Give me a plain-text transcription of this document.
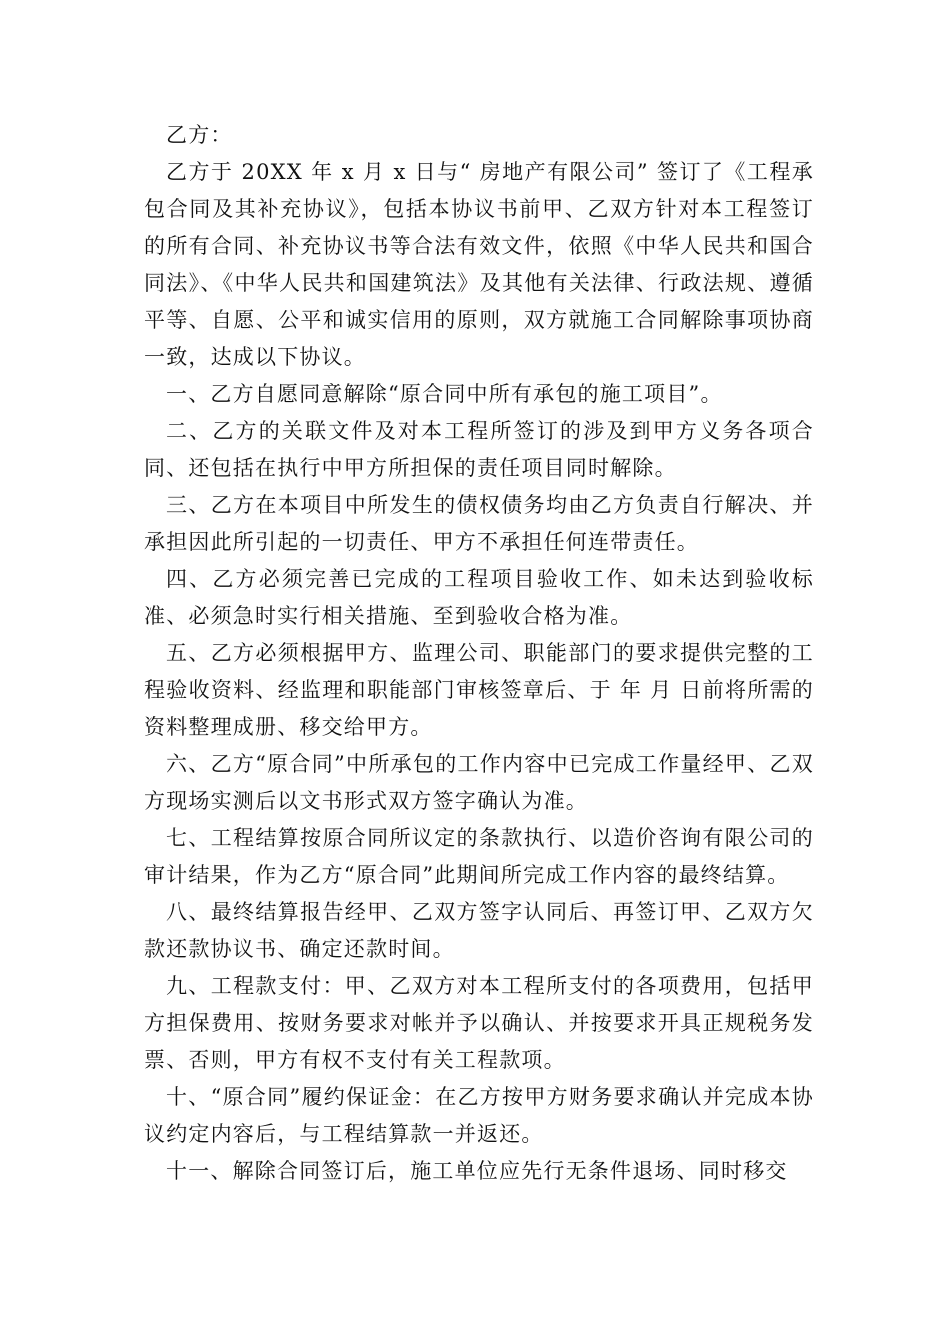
乙方：

乙方于 20XX 年 x 月 x 日与“ 房地产有限公司” 签订了《工程承包合同及其补充协议》，包括本协议书前甲、乙双方针对本工程签订的所有合同、补充协议书等合法有效文件，依照《中华人民共和国合同法》、《中华人民共和国建筑法》及其他有关法律、行政法规、遵循平等、自愿、公平和诚实信用的原则，双方就施工合同解除事项协商一致，达成以下协议。

一、乙方自愿同意解除“原合同中所有承包的施工项目”。

二、乙方的关联文件及对本工程所签订的涉及到甲方义务各项合同、还包括在执行中甲方所担保的责任项目同时解除。

三、乙方在本项目中所发生的债权债务均由乙方负责自行解决、并承担因此所引起的一切责任、甲方不承担任何连带责任。

四、乙方必须完善已完成的工程项目验收工作、如未达到验收标准、必须急时实行相关措施、至到验收合格为准。

五、乙方必须根据甲方、监理公司、职能部门的要求提供完整的工程验收资料、经监理和职能部门审核签章后、于 年 月 日前将所需的资料整理成册、移交给甲方。

六、乙方“原合同”中所承包的工作内容中已完成工作量经甲、乙双方现场实测后以文书形式双方签字确认为准。

七、工程结算按原合同所议定的条款执行、以造价咨询有限公司的审计结果，作为乙方“原合同”此期间所完成工作内容的最终结算。

八、最终结算报告经甲、乙双方签字认同后、再签订甲、乙双方欠款还款协议书、确定还款时间。

九、工程款支付：甲、乙双方对本工程所支付的各项费用，包括甲方担保费用、按财务要求对帐并予以确认、并按要求开具正规税务发票、否则，甲方有权不支付有关工程款项。

十、“原合同”履约保证金：在乙方按甲方财务要求确认并完成本协议约定内容后，与工程结算款一并返还。

十一、解除合同签订后，施工单位应先行无条件退场、同时移交
